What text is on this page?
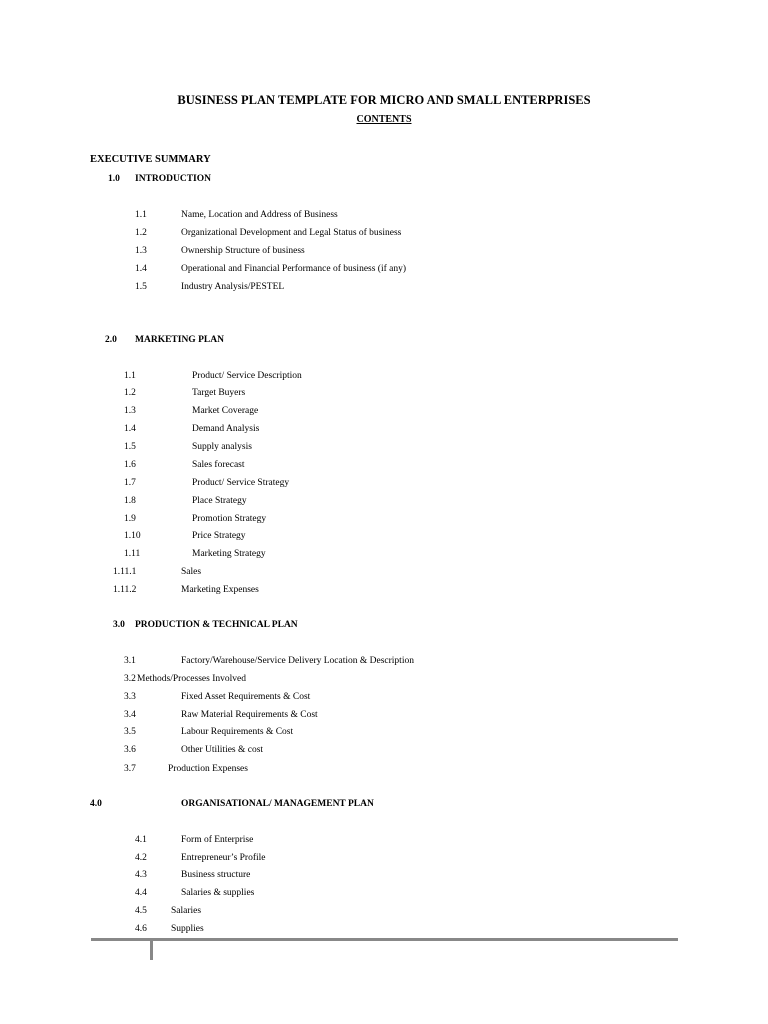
BUSINESS PLAN TEMPLATE FOR MICRO AND SMALL ENTERPRISES
CONTENTS
EXECUTIVE SUMMARY
1.0 INTRODUCTION
1.1	Name, Location and Address of Business
1.2	Organizational Development and Legal Status of business
1.3	Ownership Structure of business
1.4	Operational and Financial Performance of business (if any)
1.5	Industry Analysis/PESTEL
2.0 MARKETING PLAN
1.1	Product/ Service Description
1.2	Target Buyers
1.3	Market Coverage
1.4	Demand Analysis
1.5	Supply analysis
1.6	Sales forecast
1.7	Product/ Service Strategy
1.8	Place Strategy
1.9	Promotion Strategy
1.10	Price Strategy
1.11	Marketing Strategy
1.11.1	Sales
1.11.2	Marketing Expenses
3.0 PRODUCTION & TECHNICAL PLAN
3.1	Factory/Warehouse/Service Delivery Location & Description
3.2 Methods/Processes Involved
3.3	Fixed Asset Requirements & Cost
3.4	Raw Material Requirements & Cost
3.5	Labour Requirements & Cost
3.6	Other Utilities & cost
3.7	Production Expenses
4.0	ORGANISATIONAL/ MANAGEMENT PLAN
4.1	Form of Enterprise
4.2	Entrepreneur’s Profile
4.3	Business structure
4.4	Salaries & supplies
4.5	Salaries
4.6	Supplies
